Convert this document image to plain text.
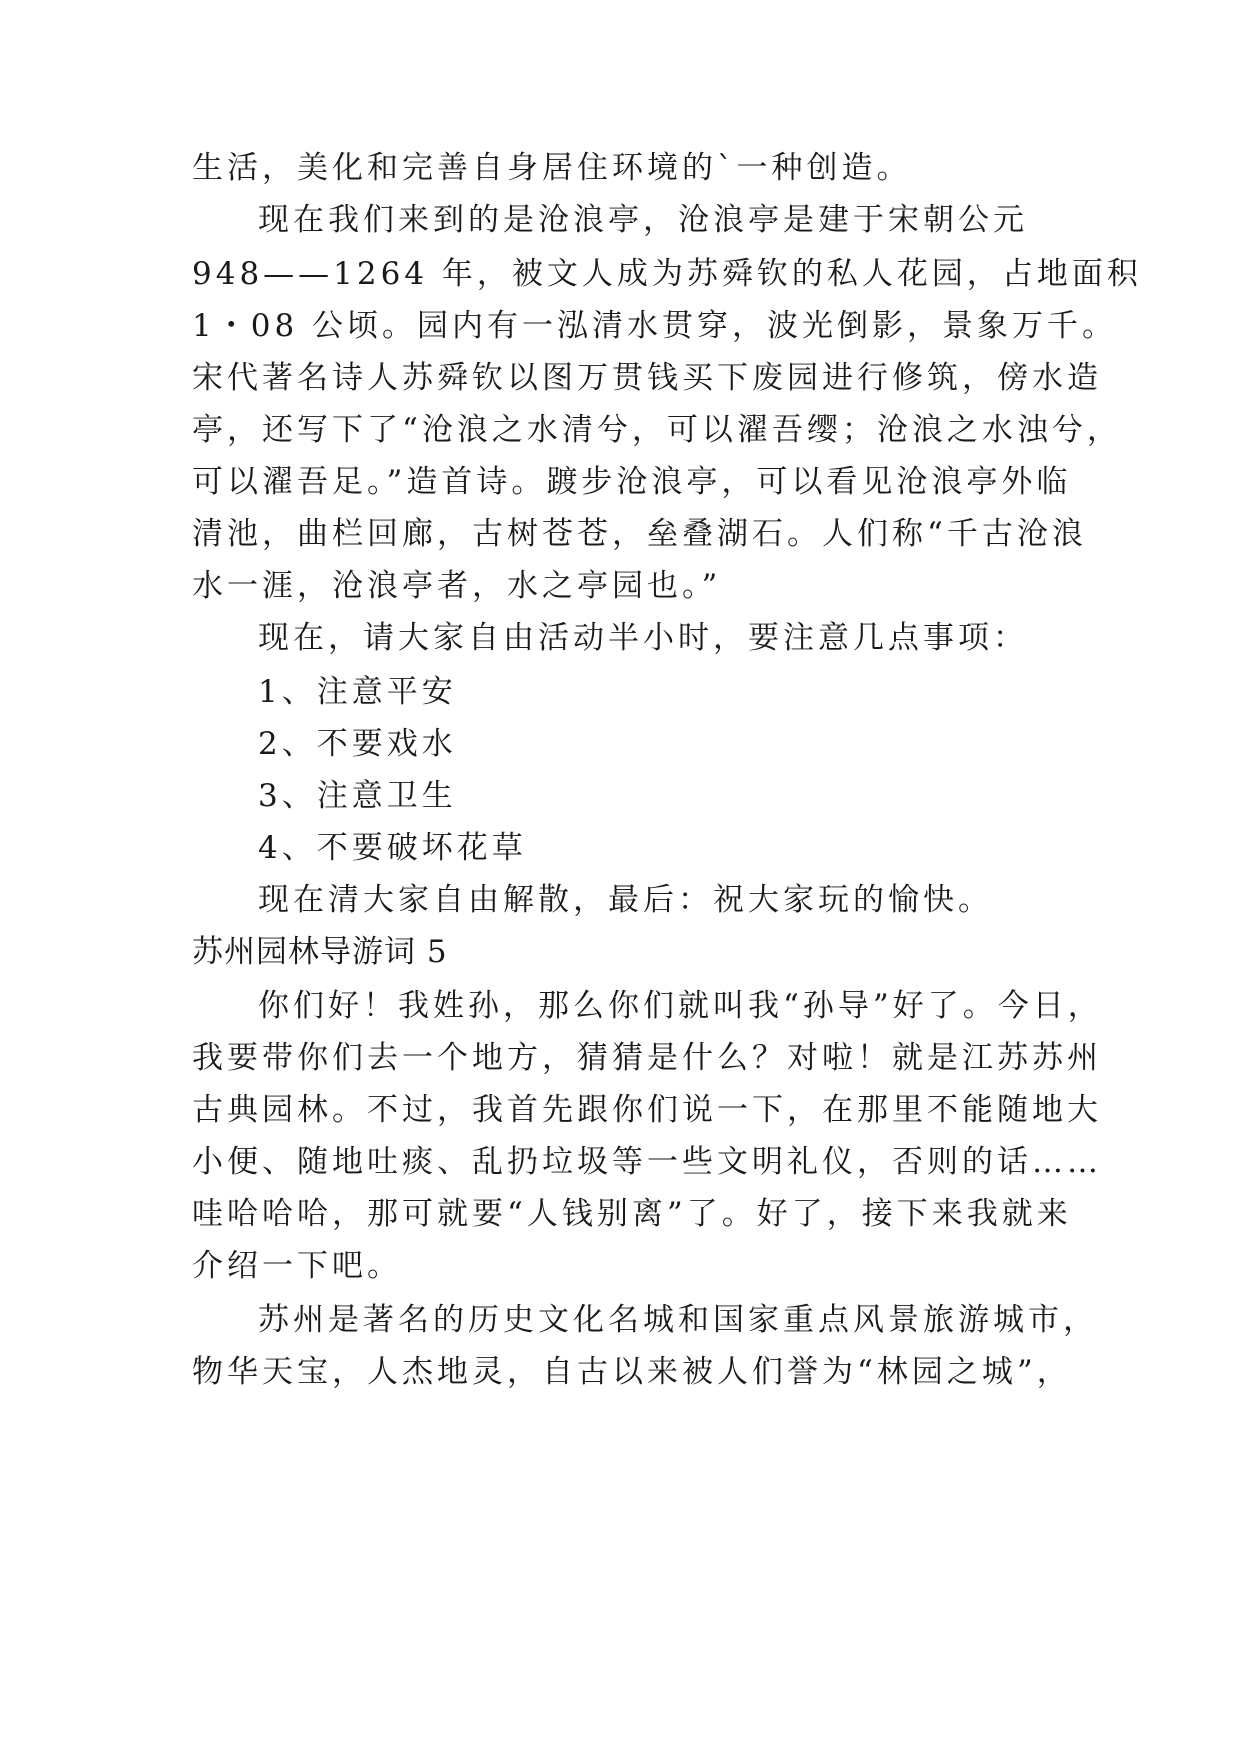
生活，美化和完善自身居住环境的`一种创造。
现在我们来到的是沧浪亭，沧浪亭是建于宋朝公元
948——1264 年，被文人成为苏舜钦的私人花园，占地面积
1・08 公顷。园内有一泓清水贯穿，波光倒影，景象万千。
宋代著名诗人苏舜钦以图万贯钱买下废园进行修筑，傍水造
亭，还写下了“沧浪之水清兮，可以濯吾缨；沧浪之水浊兮，
可以濯吾足。”造首诗。踱步沧浪亭，可以看见沧浪亭外临
清池，曲栏回廊，古树苍苍，垒叠湖石。人们称“千古沧浪
水一涯，沧浪亭者，水之亭园也。”
现在，请大家自由活动半小时，要注意几点事项：
1、注意平安
2、不要戏水
3、注意卫生
4、不要破坏花草
现在清大家自由解散，最后：祝大家玩的愉快。
苏州园林导游词 5
你们好！我姓孙，那么你们就叫我“孙导”好了。今日，
我要带你们去一个地方，猜猜是什么？对啦！就是江苏苏州
古典园林。不过，我首先跟你们说一下，在那里不能随地大
小便、随地吐痰、乱扔垃圾等一些文明礼仪，否则的话……
哇哈哈哈，那可就要“人钱别离”了。好了，接下来我就来
介绍一下吧。
苏州是著名的历史文化名城和国家重点风景旅游城市，
物华天宝，人杰地灵，自古以来被人们誉为“林园之城”，
